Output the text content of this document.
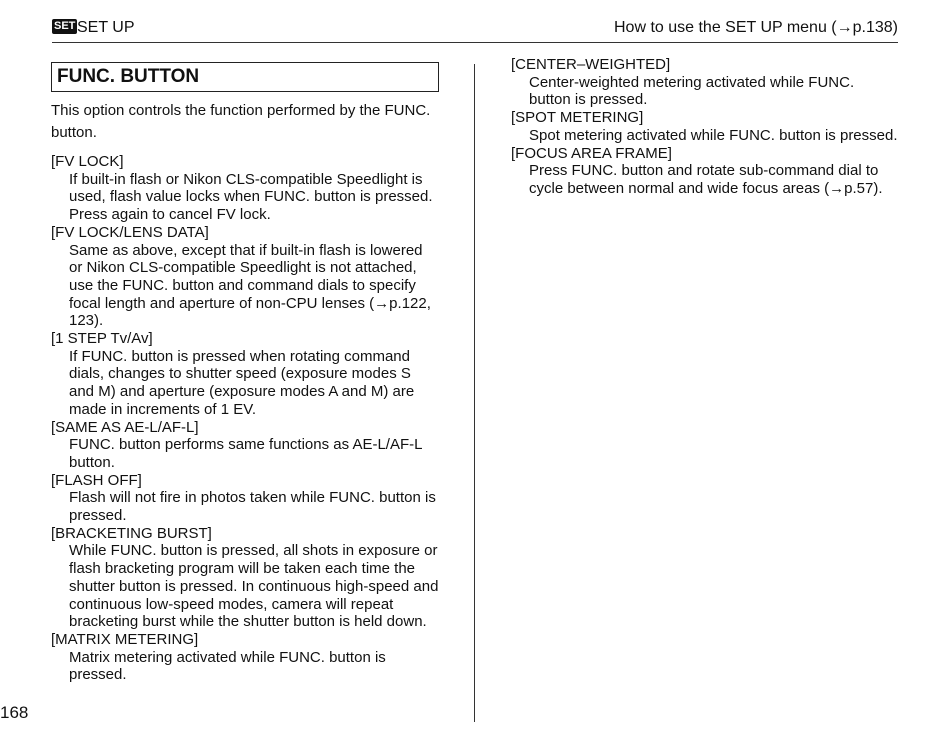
SET SET UP	How to use the SET UP menu (→p.138)
FUNC. BUTTON
This option controls the function performed by the FUNC. button.
[FV LOCK]
If built-in flash or Nikon CLS-compatible Speedlight is used, flash value locks when FUNC. button is pressed. Press again to cancel FV lock.
[FV LOCK/LENS DATA]
Same as above, except that if built-in flash is lowered or Nikon CLS-compatible Speedlight is not attached, use the FUNC. button and command dials to specify focal length and aperture of non-CPU lenses (→p.122, 123).
[1 STEP Tv/Av]
If FUNC. button is pressed when rotating command dials, changes to shutter speed (exposure modes S and M) and aperture (exposure modes A and M) are made in increments of 1 EV.
[SAME AS AE-L/AF-L]
FUNC. button performs same functions as AE-L/AF-L button.
[FLASH OFF]
Flash will not fire in photos taken while FUNC. button is pressed.
[BRACKETING BURST]
While FUNC. button is pressed, all shots in exposure or flash bracketing program will be taken each time the shutter button is pressed. In continuous high-speed and continuous low-speed modes, camera will repeat bracketing burst while the shutter button is held down.
[MATRIX METERING]
Matrix metering activated while FUNC. button is pressed.
[CENTER–WEIGHTED]
Center-weighted metering activated while FUNC. button is pressed.
[SPOT METERING]
Spot metering activated while FUNC. button is pressed.
[FOCUS AREA FRAME]
Press FUNC. button and rotate sub-command dial to cycle between normal and wide focus areas (→p.57).
168
